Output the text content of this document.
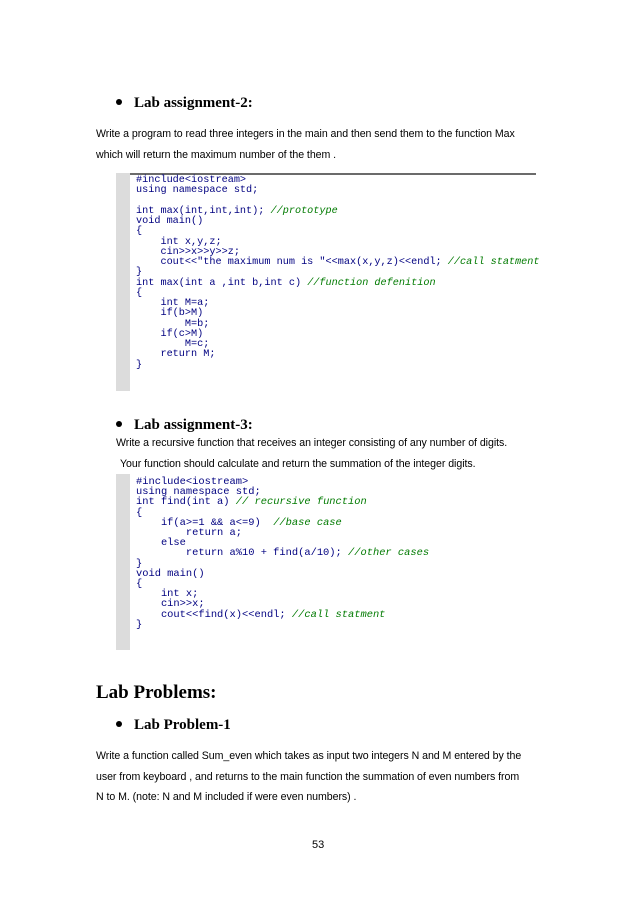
Lab assignment-2:
Write a program to read three integers in the main and then send them to the function Max
which will return the maximum number of the them .
#include<iostream>
using namespace std;

int max(int,int,int); //prototype
void main()
{
int x,y,z;
cin>>x>>y>>z;
cout<<"the maximum num is "<<max(x,y,z)<<endl; //call statment
}
int max(int a ,int b,int c) //function defenition
{
int M=a;
if(b>M)
M=b;
if(c>M)
M=c;
return M;
}

Lab assignment-3:
Write a recursive function that receives an integer consisting of any number of digits.
Your function should calculate and return the summation of the integer digits.
#include<iostream>
using namespace std;
int find(int a) // recursive function
{
if(a>=1 && a<=9)  //base case
return a;
else
return a%10 + find(a/10); //other cases
}
void main()
{
int x;
cin>>x;
cout<<find(x)<<endl; //call statment
}

Lab Problems:
Lab Problem-1
Write a function called Sum_even which takes as input two integers N and M entered by the
user from keyboard , and returns to the main function the summation of even numbers from
N to M. (note: N and M included if were even numbers) .
53
